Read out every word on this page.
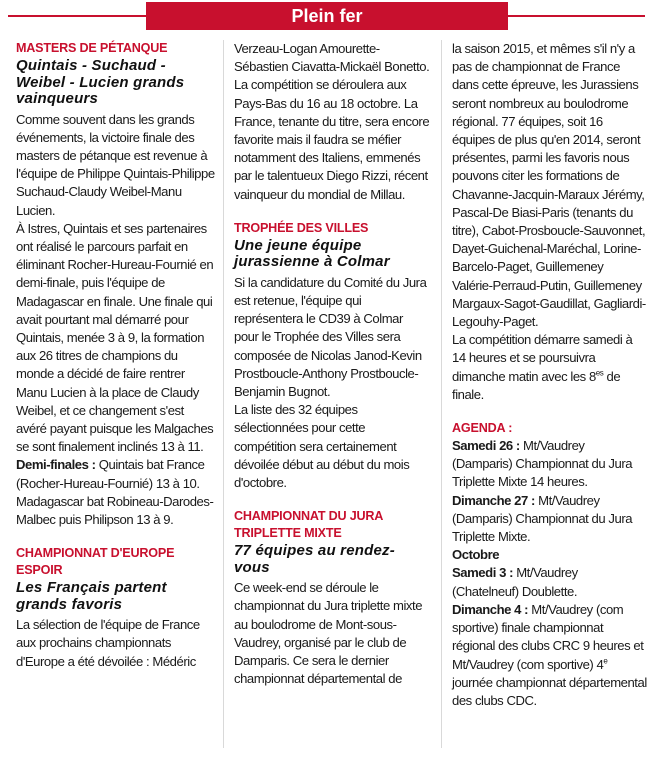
Plein fer
MASTERS DE PÉTANQUE
Quintais - Suchaud - Weibel - Lucien grands vainqueurs

Comme souvent dans les grands événements, la victoire finale des masters de pétanque est revenue à l'équipe de Philippe Quintais-Philippe Suchaud-Claudy Weibel-Manu Lucien.

À Istres, Quintais et ses partenaires ont réalisé le parcours parfait en éliminant Rocher-Hureau-Fournié en demi-finale, puis l'équipe de Madagascar en finale. Une finale qui avait pourtant mal démarré pour Quintais, menée 3 à 9, la formation aux 26 titres de champions du monde a décidé de faire rentrer Manu Lucien à la place de Claudy Weibel, et ce changement s'est avéré payant puisque les Malgaches se sont finalement inclinés 13 à 11.

Demi-finales : Quintais bat France (Rocher-Hureau-Fournié) 13 à 10. Madagascar bat Robineau-Darodes-Malbec puis Philipson 13 à 9.

CHAMPIONNAT D'EUROPE ESPOIR
Les Français partent grands favoris

La sélection de l'équipe de France aux prochains championnats d'Europe a été dévoilée : Médéric

Verzeau-Logan Amourette-Sébastien Ciavatta-Mickaël Bonetto.

La compétition se déroulera aux Pays-Bas du 16 au 18 octobre. La France, tenante du titre, sera encore favorite mais il faudra se méfier notamment des Italiens, emmenés par le talentueux Diego Rizzi, récent vainqueur du mondial de Millau.

TROPHÉE DES VILLES
Une jeune équipe jurassienne à Colmar

Si la candidature du Comité du Jura est retenue, l'équipe qui représentera le CD39 à Colmar pour le Trophée des Villes sera composée de Nicolas Janod-Kevin Prostboucle-Anthony Prostboucle-Benjamin Bugnot.

La liste des 32 équipes sélectionnées pour cette compétition sera certainement dévoilée début au début du mois d'octobre.

CHAMPIONNAT DU JURA TRIPLETTE MIXTE
77 équipes au rendez-vous

Ce week-end se déroule le championnat du Jura triplette mixte au boulodrome de Mont-sous-Vaudrey, organisé par le club de Damparis. Ce sera le dernier championnat départemental de

la saison 2015, et mêmes s'il n'y a pas de championnat de France dans cette épreuve, les Jurassiens seront nombreux au boulodrome régional. 77 équipes, soit 16 équipes de plus qu'en 2014, seront présentes, parmi les favoris nous pouvons citer les formations de Chavanne-Jacquin-Maraux Jérémy, Pascal-De Biasi-Paris (tenants du titre), Cabot-Prosboucle-Sauvonnet, Dayet-Guichenal-Maréchal, Lorine-Barcelo-Paget, Guillemeney Valérie-Perraud-Putin, Guillemeney Margaux-Sagot-Gaudillat, Gagliardi-Legouhy-Paget.

La compétition démarre samedi à 14 heures et se poursuivra dimanche matin avec les $8^{es}$ de finale.

AGENDA :

Samedi 26 : Mt/Vaudrey (Damparis) Championnat du Jura Triplette Mixte 14 heures.

Dimanche 27 : Mt/Vaudrey (Damparis) Championnat du Jura Triplette Mixte.

Octobre

Samedi 3 : Mt/Vaudrey (Chatelneuf) Doublette.

Dimanche 4 : Mt/Vaudrey (com sportive) finale championnat régional des clubs CRC 9 heures et Mt/Vaudrey (com sportive) 4e journée championnat départemental des clubs CDC.
